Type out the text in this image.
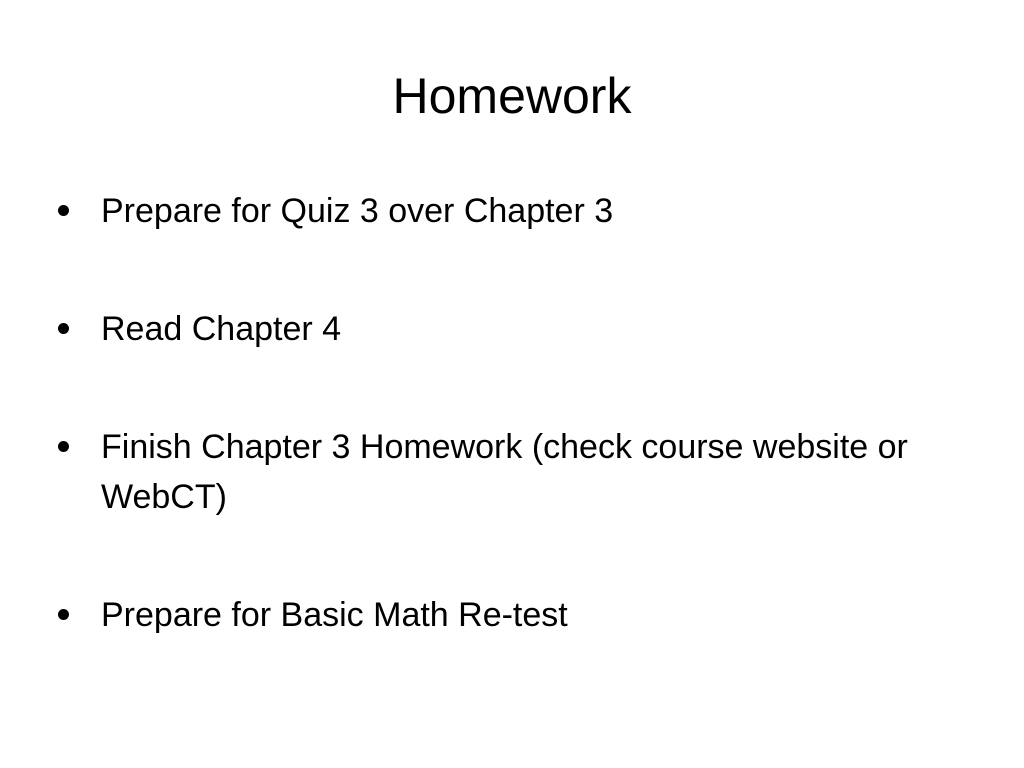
Homework
Prepare for Quiz 3 over Chapter 3
Read Chapter 4
Finish Chapter 3 Homework (check course website or WebCT)
Prepare for Basic Math Re-test
